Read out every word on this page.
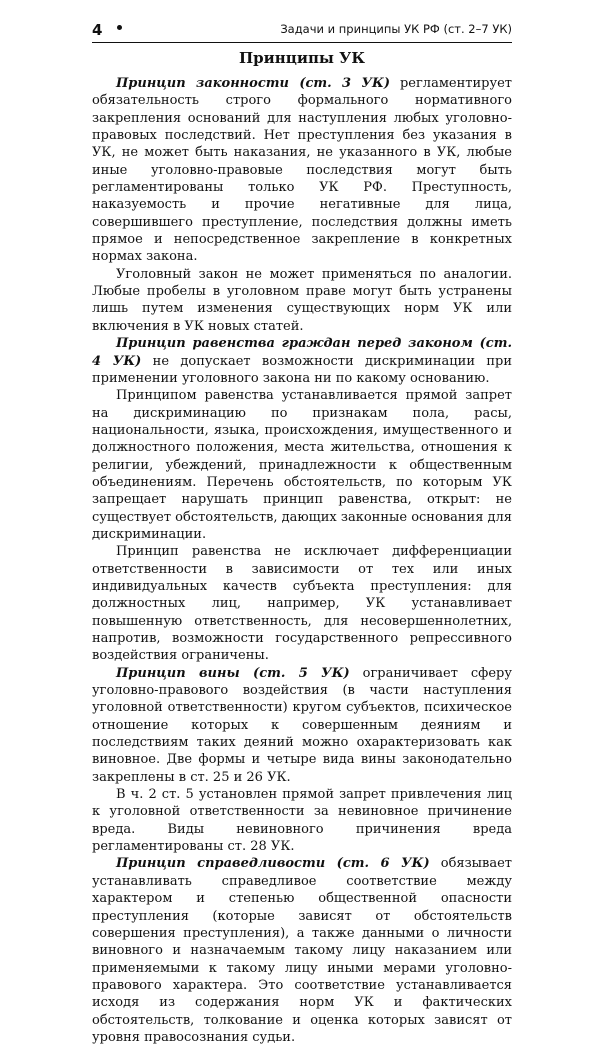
4	Задачи и принципы УК РФ (ст. 2–7 УК)
Принципы УК

Принцип законности (ст. 3 УК) регламентирует обязательность строго формального нормативного закрепления оснований для наступления любых уголовно-правовых последствий. Нет преступления без указания в УК, не может быть наказания, не указанного в УК, любые иные уголовно-правовые последствия могут быть регламентированы только УК РФ. Преступность, наказуемость и прочие негативные для лица, совершившего преступление, последствия должны иметь прямое и непосредственное закрепление в конкретных нормах закона.

Уголовный закон не может применяться по аналогии. Любые пробелы в уголовном праве могут быть устранены лишь путем изменения существующих норм УК или включения в УК новых статей.

Принцип равенства граждан перед законом (ст. 4 УК) не допускает возможности дискриминации при применении уголовного закона ни по какому основанию.

Принципом равенства устанавливается прямой запрет на дискриминацию по признакам пола, расы, национальности, языка, происхождения, имущественного и должностного положения, места жительства, отношения к религии, убеждений, принадлежности к общественным объединениям. Перечень обстоятельств, по которым УК запрещает нарушать принцип равенства, открыт: не существует обстоятельств, дающих законные основания для дискриминации.

Принцип равенства не исключает дифференциации ответственности в зависимости от тех или иных индивидуальных качеств субъекта преступления: для должностных лиц, например, УК устанавливает повышенную ответственность, для несовершеннолетних, напротив, возможности государственного репрессивного воздействия ограничены.

Принцип вины (ст. 5 УК) ограничивает сферу уголовно-правового воздействия (в части наступления уголовной ответственности) кругом субъектов, психическое отношение которых к совершенным деяниям и последствиям таких деяний можно охарактеризовать как виновное. Две формы и четыре вида вины законодательно закреплены в ст. 25 и 26 УК.

В ч. 2 ст. 5 установлен прямой запрет привлечения лиц к уголовной ответственности за невиновное причинение вреда. Виды невиновного причинения вреда регламентированы ст. 28 УК.

Принцип справедливости (ст. 6 УК) обязывает устанавливать справедливое соответствие между характером и степенью общественной опасности преступления (которые зависят от обстоятельств совершения преступления), а также данными о личности виновного и назначаемым такому лицу наказанием или применяемыми к такому лицу иными мерами уголовно-правового характера. Это соответствие устанавливается исходя из содержания норм УК и фактических обстоятельств, толкование и оценка которых зависят от уровня правосознания судьи.
